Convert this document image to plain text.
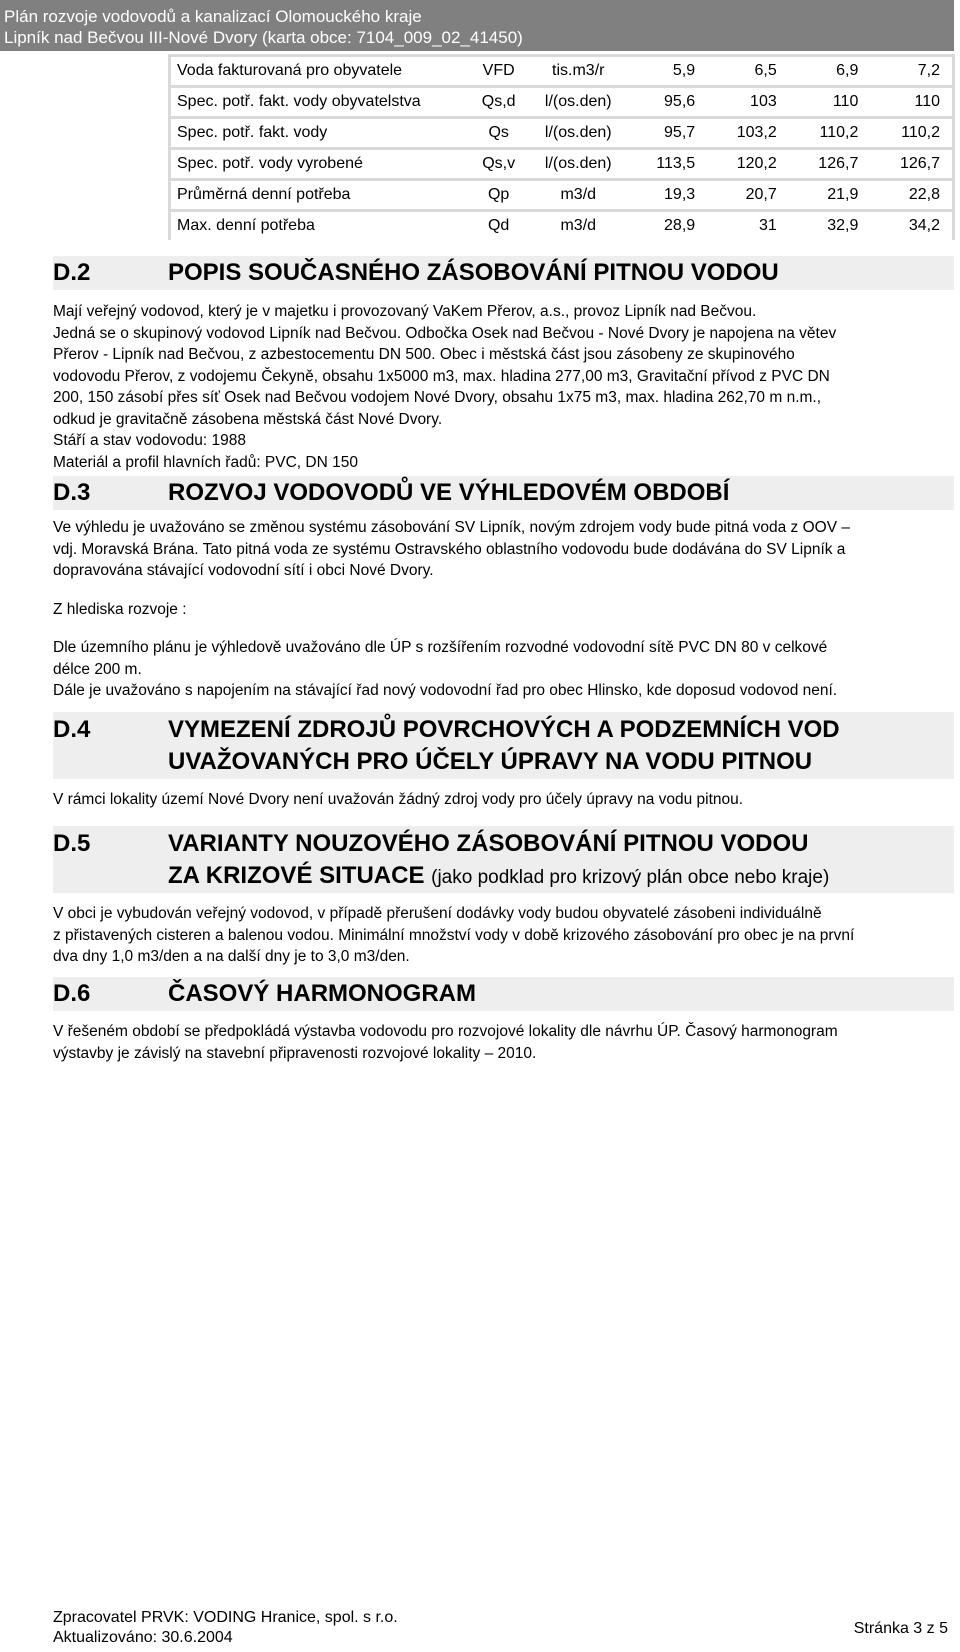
Plán rozvoje vodovodů a kanalizací Olomouckého kraje
Lipník nad Bečvou III-Nové Dvory (karta obce: 7104_009_02_41450)
Voda fakturovaná pro obyvatele	VFD	tis.m3/r	5,9	6,5	6,9	7,2
Spec. potř. fakt. vody obyvatelstva	Qs,d	l/(os.den)	95,6	103	110	110
Spec. potř. fakt. vody	Qs	l/(os.den)	95,7	103,2	110,2	110,2
Spec. potř. vody vyrobené	Qs,v	l/(os.den)	113,5	120,2	126,7	126,7
Průměrná denní potřeba	Qp	m3/d	19,3	20,7	21,9	22,8
Max. denní potřeba	Qd	m3/d	28,9	31	32,9	34,2
D.2	POPIS SOUČASNÉHO ZÁSOBOVÁNÍ PITNOU VODOU
Mají veřejný vodovod, který je v majetku i provozovaný VaKem Přerov, a.s., provoz Lipník nad Bečvou.
Jedná se o skupinový vodovod Lipník nad Bečvou. Odbočka Osek nad Bečvou - Nové Dvory je napojena na větev
Přerov - Lipník nad Bečvou, z azbestocementu DN 500. Obec i městská část jsou zásobeny ze skupinového
vodovodu Přerov, z vodojemu Čekyně, obsahu 1x5000 m3, max. hladina 277,00 m3, Gravitační přívod z PVC DN
200, 150 zásobí přes síť Osek nad Bečvou vodojem Nové Dvory, obsahu 1x75 m3, max. hladina 262,70 m n.m.,
odkud je gravitačně zásobena městská část Nové Dvory.
Stáří a stav vodovodu: 1988
Materiál a profil hlavních řadů: PVC, DN 150
D.3	ROZVOJ VODOVODŮ VE VÝHLEDOVÉM OBDOBÍ
Ve výhledu je uvažováno se změnou systému zásobování SV Lipník, novým zdrojem vody bude pitná voda z OOV –
vdj. Moravská Brána. Tato pitná voda ze systému Ostravského oblastního vodovodu bude dodávána do SV Lipník a
dopravována stávající vodovodní sítí i obci Nové Dvory.
Z hlediska rozvoje :
Dle územního plánu je výhledově uvažováno dle ÚP s rozšířením rozvodné vodovodní sítě PVC DN 80 v celkové
délce 200 m.
Dále je uvažováno s napojením na stávající řad nový vodovodní řad pro obec Hlinsko, kde doposud vodovod není.
D.4	VYMEZENÍ ZDROJŮ POVRCHOVÝCH A PODZEMNÍCH VOD
UVAŽOVANÝCH PRO ÚČELY ÚPRAVY NA VODU PITNOU
V rámci lokality území Nové Dvory není uvažován žádný zdroj vody pro účely úpravy na vodu pitnou.
D.5	VARIANTY NOUZOVÉHO ZÁSOBOVÁNÍ PITNOU VODOU
ZA KRIZOVÉ SITUACE (jako podklad pro krizový plán obce nebo kraje)
V obci je vybudován veřejný vodovod, v případě přerušení dodávky vody budou obyvatelé zásobeni individuálně
z přistavených cisteren a balenou vodou. Minimální množství vody v době krizového zásobování pro obec je na první
dva dny 1,0 m3/den a na další dny je to 3,0 m3/den.
D.6	ČASOVÝ HARMONOGRAM
V řešeném období se předpokládá výstavba vodovodu pro rozvojové lokality dle návrhu ÚP. Časový harmonogram
výstavby je závislý na stavební připravenosti rozvojové lokality – 2010.
Zpracovatel PRVK: VODING Hranice, spol. s r.o.
Aktualizováno: 30.6.2004
Stránka 3 z 5
